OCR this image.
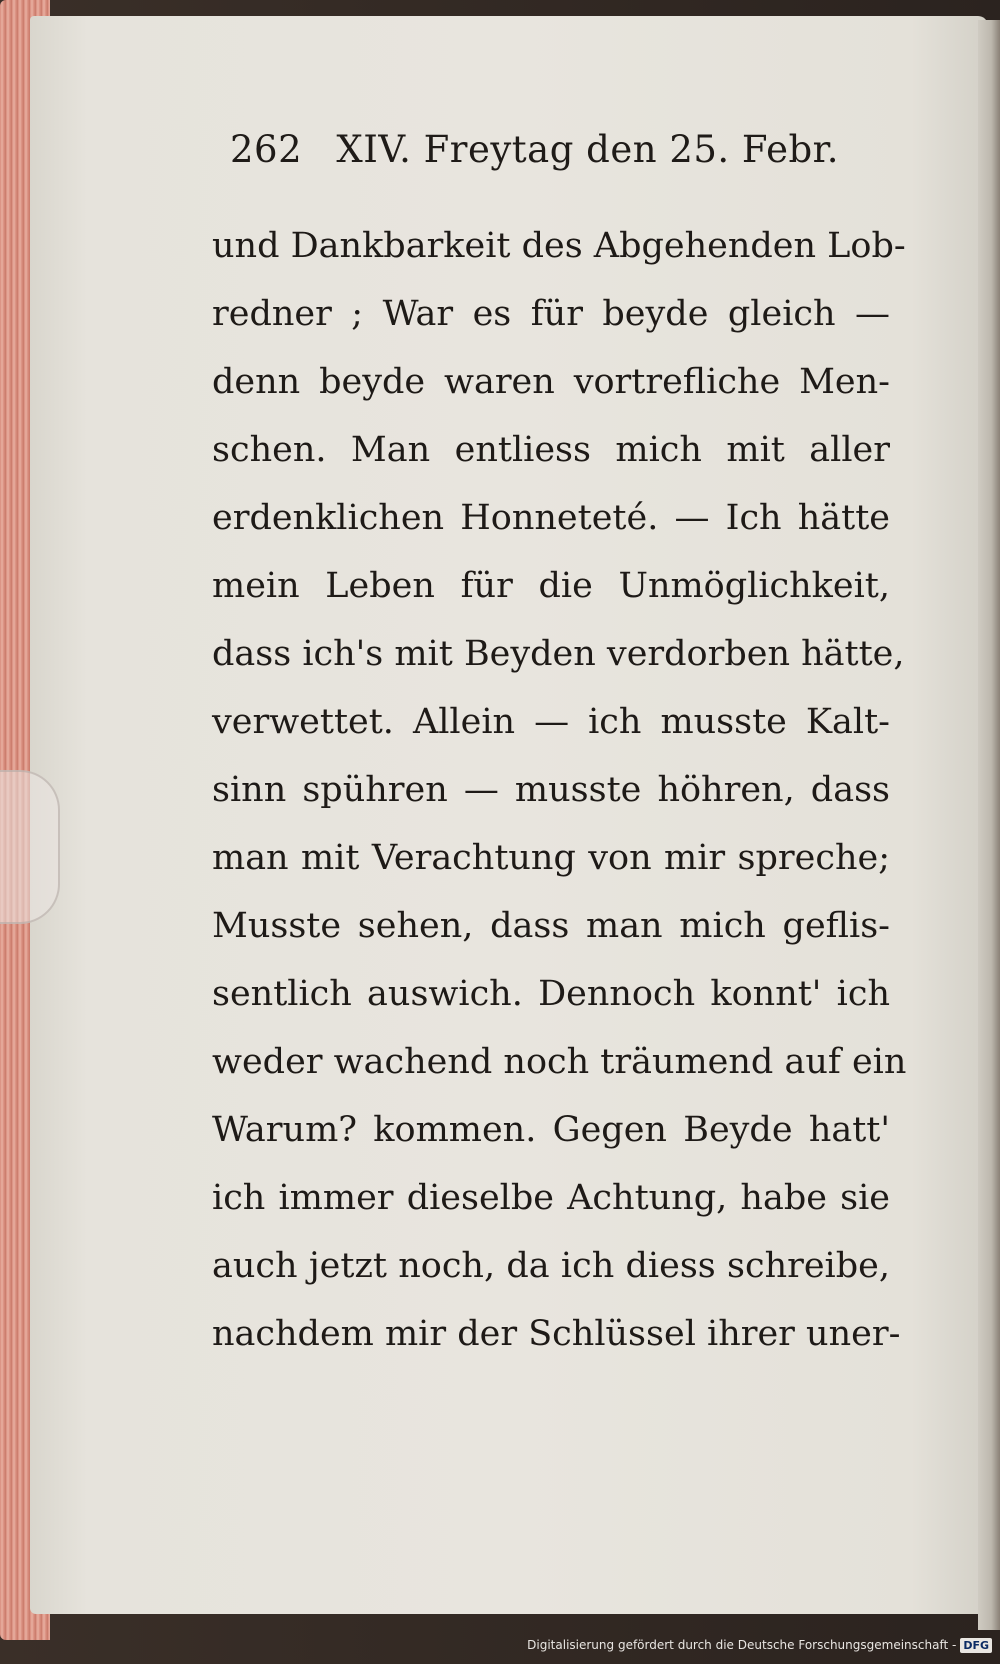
262 XIV. Freytag den 25. Febr.
und Dankbarkeit des Abgehenden Lob-
redner ; War es für beyde gleich —
denn beyde waren vortrefliche Men-
schen. Man entliess mich mit aller
erdenklichen Honneteté. — Ich hätte
mein Leben für die Unmöglichkeit,
dass ich's mit Beyden verdorben hätte,
verwettet. Allein — ich musste Kalt-
sinn spühren — musste höhren, dass
man mit Verachtung von mir spreche;
Musste sehen, dass man mich geflis-
sentlich auswich. Dennoch konnt' ich
weder wachend noch träumend auf ein
Warum? kommen. Gegen Beyde hatt'
ich immer dieselbe Achtung, habe sie
auch jetzt noch, da ich diess schreibe,
nachdem mir der Schlüssel ihrer uner-
Digitalisierung gefördert durch die Deutsche Forschungsgemeinschaft - DFG
